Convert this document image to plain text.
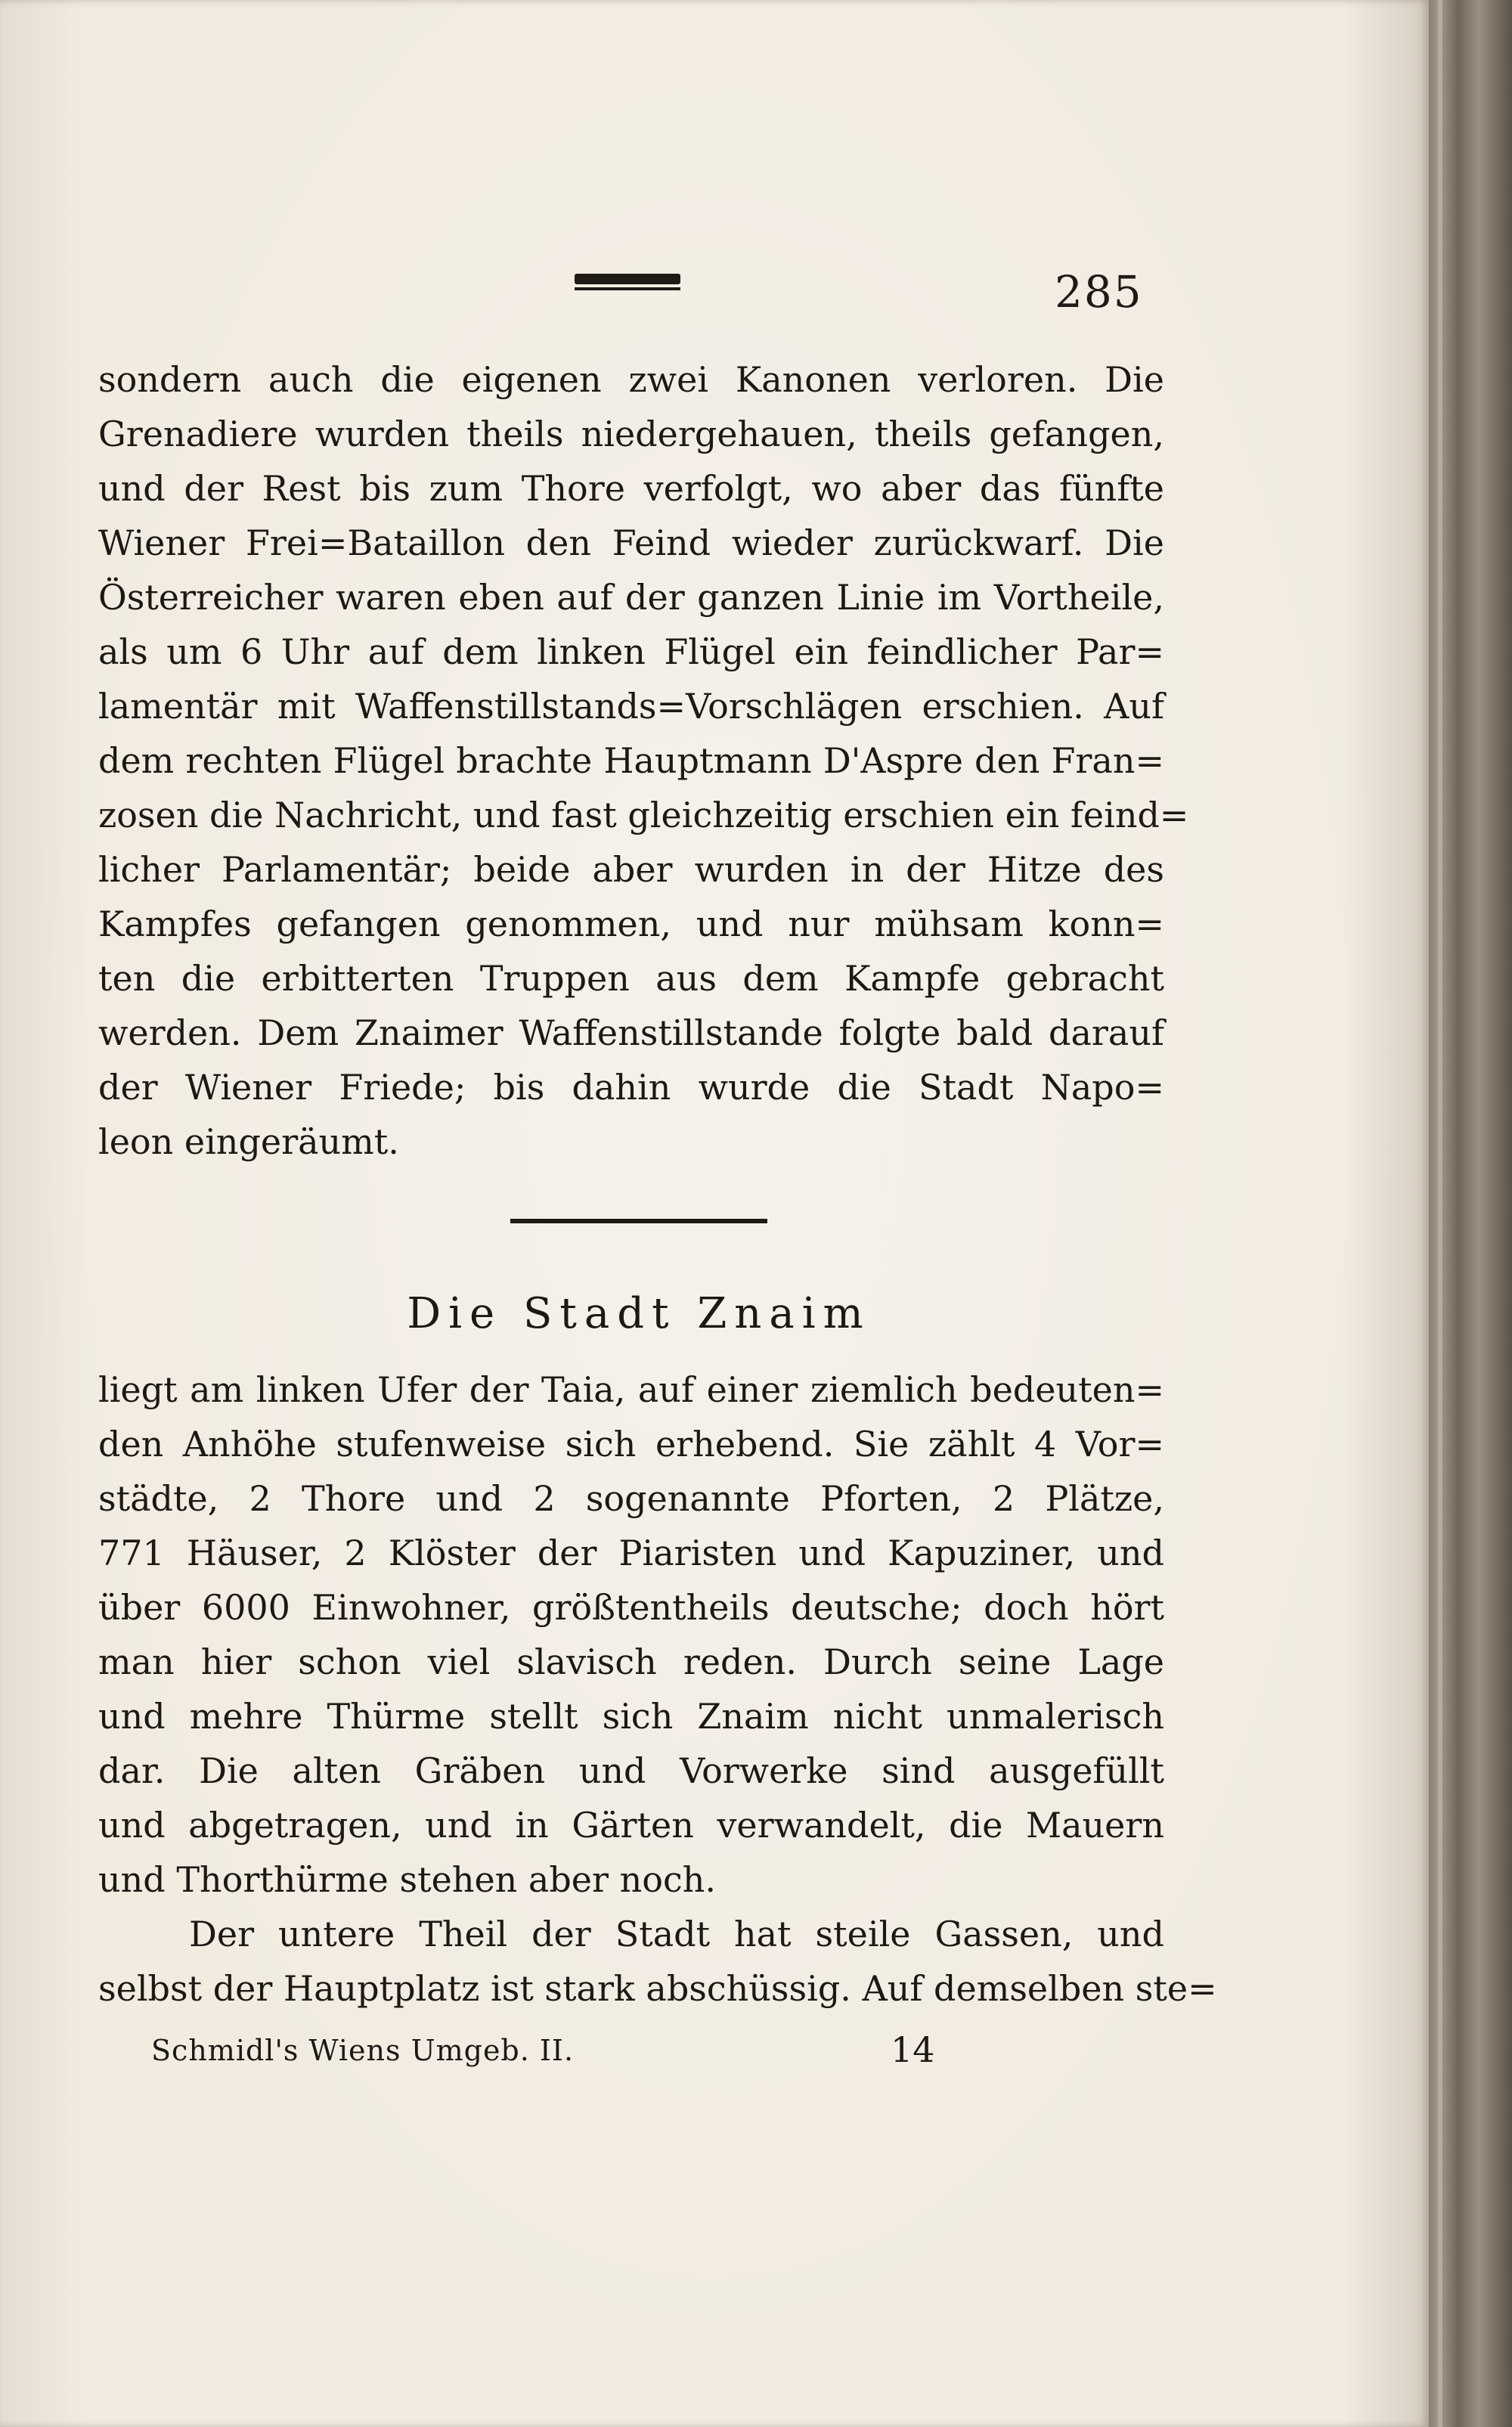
285
sondern auch die eigenen zwei Kanonen verloren. Die
Grenadiere wurden theils niedergehauen, theils gefangen,
und der Rest bis zum Thore verfolgt, wo aber das fünfte
Wiener Frei=Bataillon den Feind wieder zurückwarf. Die
Österreicher waren eben auf der ganzen Linie im Vortheile,
als um 6 Uhr auf dem linken Flügel ein feindlicher Par=
lamentär mit Waffenstillstands=Vorschlägen erschien. Auf
dem rechten Flügel brachte Hauptmann D'Aspre den Fran=
zosen die Nachricht, und fast gleichzeitig erschien ein feind=
licher Parlamentär; beide aber wurden in der Hitze des
Kampfes gefangen genommen, und nur mühsam konn=
ten die erbitterten Truppen aus dem Kampfe gebracht
werden. Dem Znaimer Waffenstillstande folgte bald darauf
der Wiener Friede; bis dahin wurde die Stadt Napo=
leon eingeräumt.
Die Stadt Znaim
liegt am linken Ufer der Taia, auf einer ziemlich bedeuten=
den Anhöhe stufenweise sich erhebend. Sie zählt 4 Vor=
städte, 2 Thore und 2 sogenannte Pforten, 2 Plätze,
771 Häuser, 2 Klöster der Piaristen und Kapuziner, und
über 6000 Einwohner, größtentheils deutsche; doch hört
man hier schon viel slavisch reden. Durch seine Lage
und mehre Thürme stellt sich Znaim nicht unmalerisch
dar. Die alten Gräben und Vorwerke sind ausgefüllt
und abgetragen, und in Gärten verwandelt, die Mauern
und Thorthürme stehen aber noch.
Der untere Theil der Stadt hat steile Gassen, und
selbst der Hauptplatz ist stark abschüssig. Auf demselben ste=
Schmidl's Wiens Umgeb. II.	14
